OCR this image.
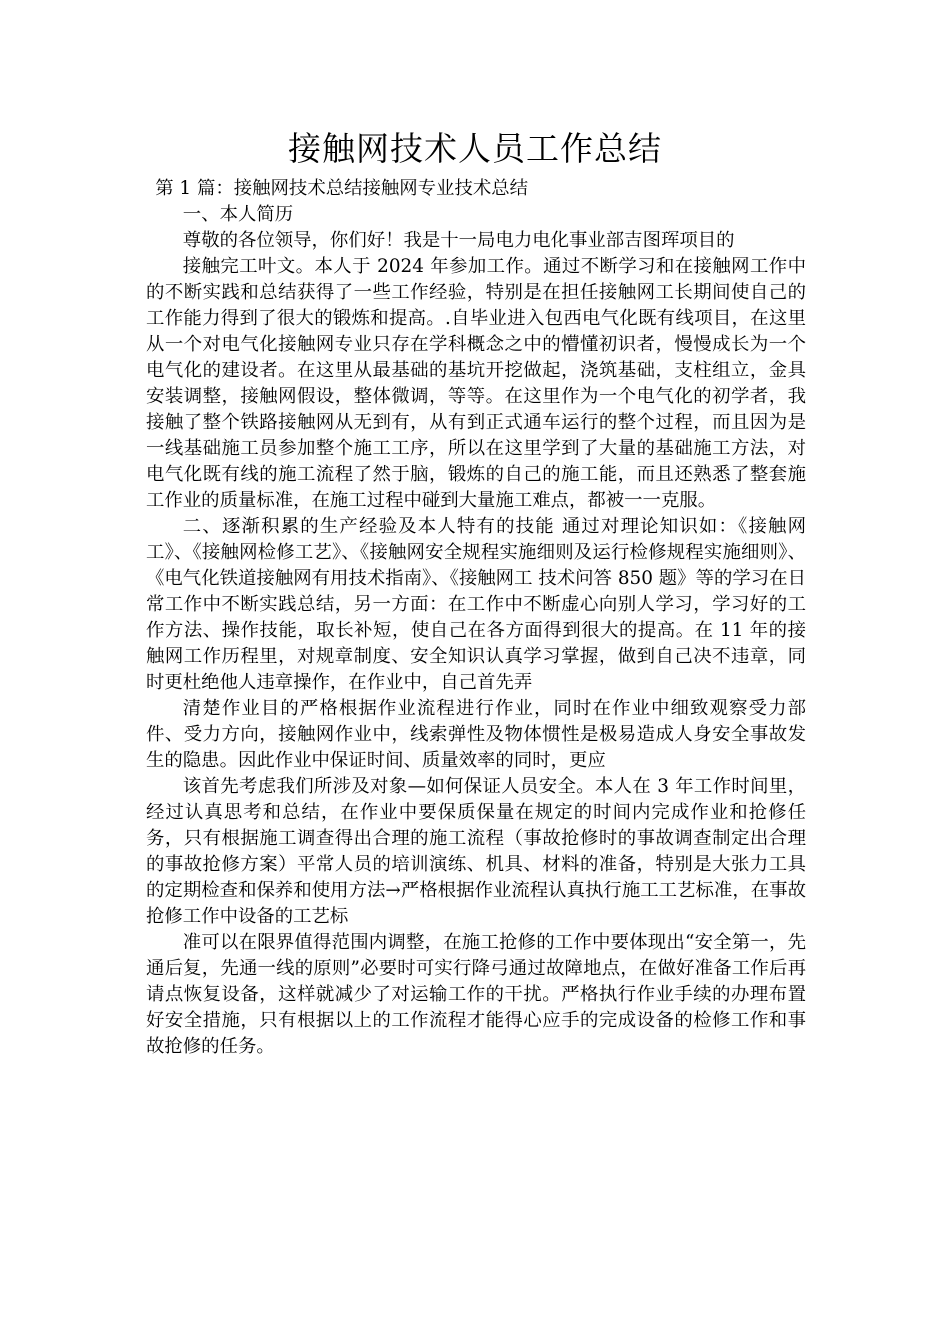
接触网技术人员工作总结

第 1 篇：接触网技术总结接触网专业技术总结

一、本人简历

尊敬的各位领导，你们好！我是十一局电力电化事业部吉图珲项目的

接触完工叶文。本人于 2024 年参加工作。通过不断学习和在接触网工作中的不断实践和总结获得了一些工作经验，特别是在担任接触网工长期间使自己的工作能力得到了很大的锻炼和提高。.自毕业进入包西电气化既有线项目，在这里从一个对电气化接触网专业只存在学科概念之中的懵懂初识者，慢慢成长为一个电气化的建设者。在这里从最基础的基坑开挖做起，浇筑基础，支柱组立，金具安装调整，接触网假设，整体微调，等等。在这里作为一个电气化的初学者，我接触了整个铁路接触网从无到有，从有到正式通车运行的整个过程，而且因为是一线基础施工员参加整个施工工序，所以在这里学到了大量的基础施工方法，对电气化既有线的施工流程了然于脑，锻炼的自己的施工能，而且还熟悉了整套施工作业的质量标准，在施工过程中碰到大量施工难点，都被一一克服。

二、逐渐积累的生产经验及本人特有的技能 通过对理论知识如：《接触网工》、《接触网检修工艺》、《接触网安全规程实施细则及运行检修规程实施细则》、《电气化铁道接触网有用技术指南》、《接触网工 技术问答 850 题》等的学习在日常工作中不断实践总结，另一方面：在工作中不断虚心向别人学习，学习好的工作方法、操作技能，取长补短，使自己在各方面得到很大的提高。在 11 年的接触网工作历程里，对规章制度、安全知识认真学习掌握，做到自己决不违章，同时更杜绝他人违章操作，在作业中，自己首先弄

清楚作业目的严格根据作业流程进行作业，同时在作业中细致观察受力部件、受力方向，接触网作业中，线索弹性及物体惯性是极易造成人身安全事故发生的隐患。因此作业中保证时间、质量效率的同时，更应

该首先考虑我们所涉及对象—如何保证人员安全。本人在 3 年工作时间里，经过认真思考和总结，在作业中要保质保量在规定的时间内完成作业和抢修任务，只有根据施工调查得出合理的施工流程（事故抢修时的事故调查制定出合理的事故抢修方案）平常人员的培训演练、机具、材料的准备，特别是大张力工具的定期检查和保养和使用方法→严格根据作业流程认真执行施工工艺标准，在事故抢修工作中设备的工艺标

准可以在限界值得范围内调整，在施工抢修的工作中要体现出“安全第一，先通后复，先通一线的原则”必要时可实行降弓通过故障地点，在做好准备工作后再请点恢复设备，这样就减少了对运输工作的干扰。严格执行作业手续的办理布置好安全措施，只有根据以上的工作流程才能得心应手的完成设备的检修工作和事故抢修的任务。
